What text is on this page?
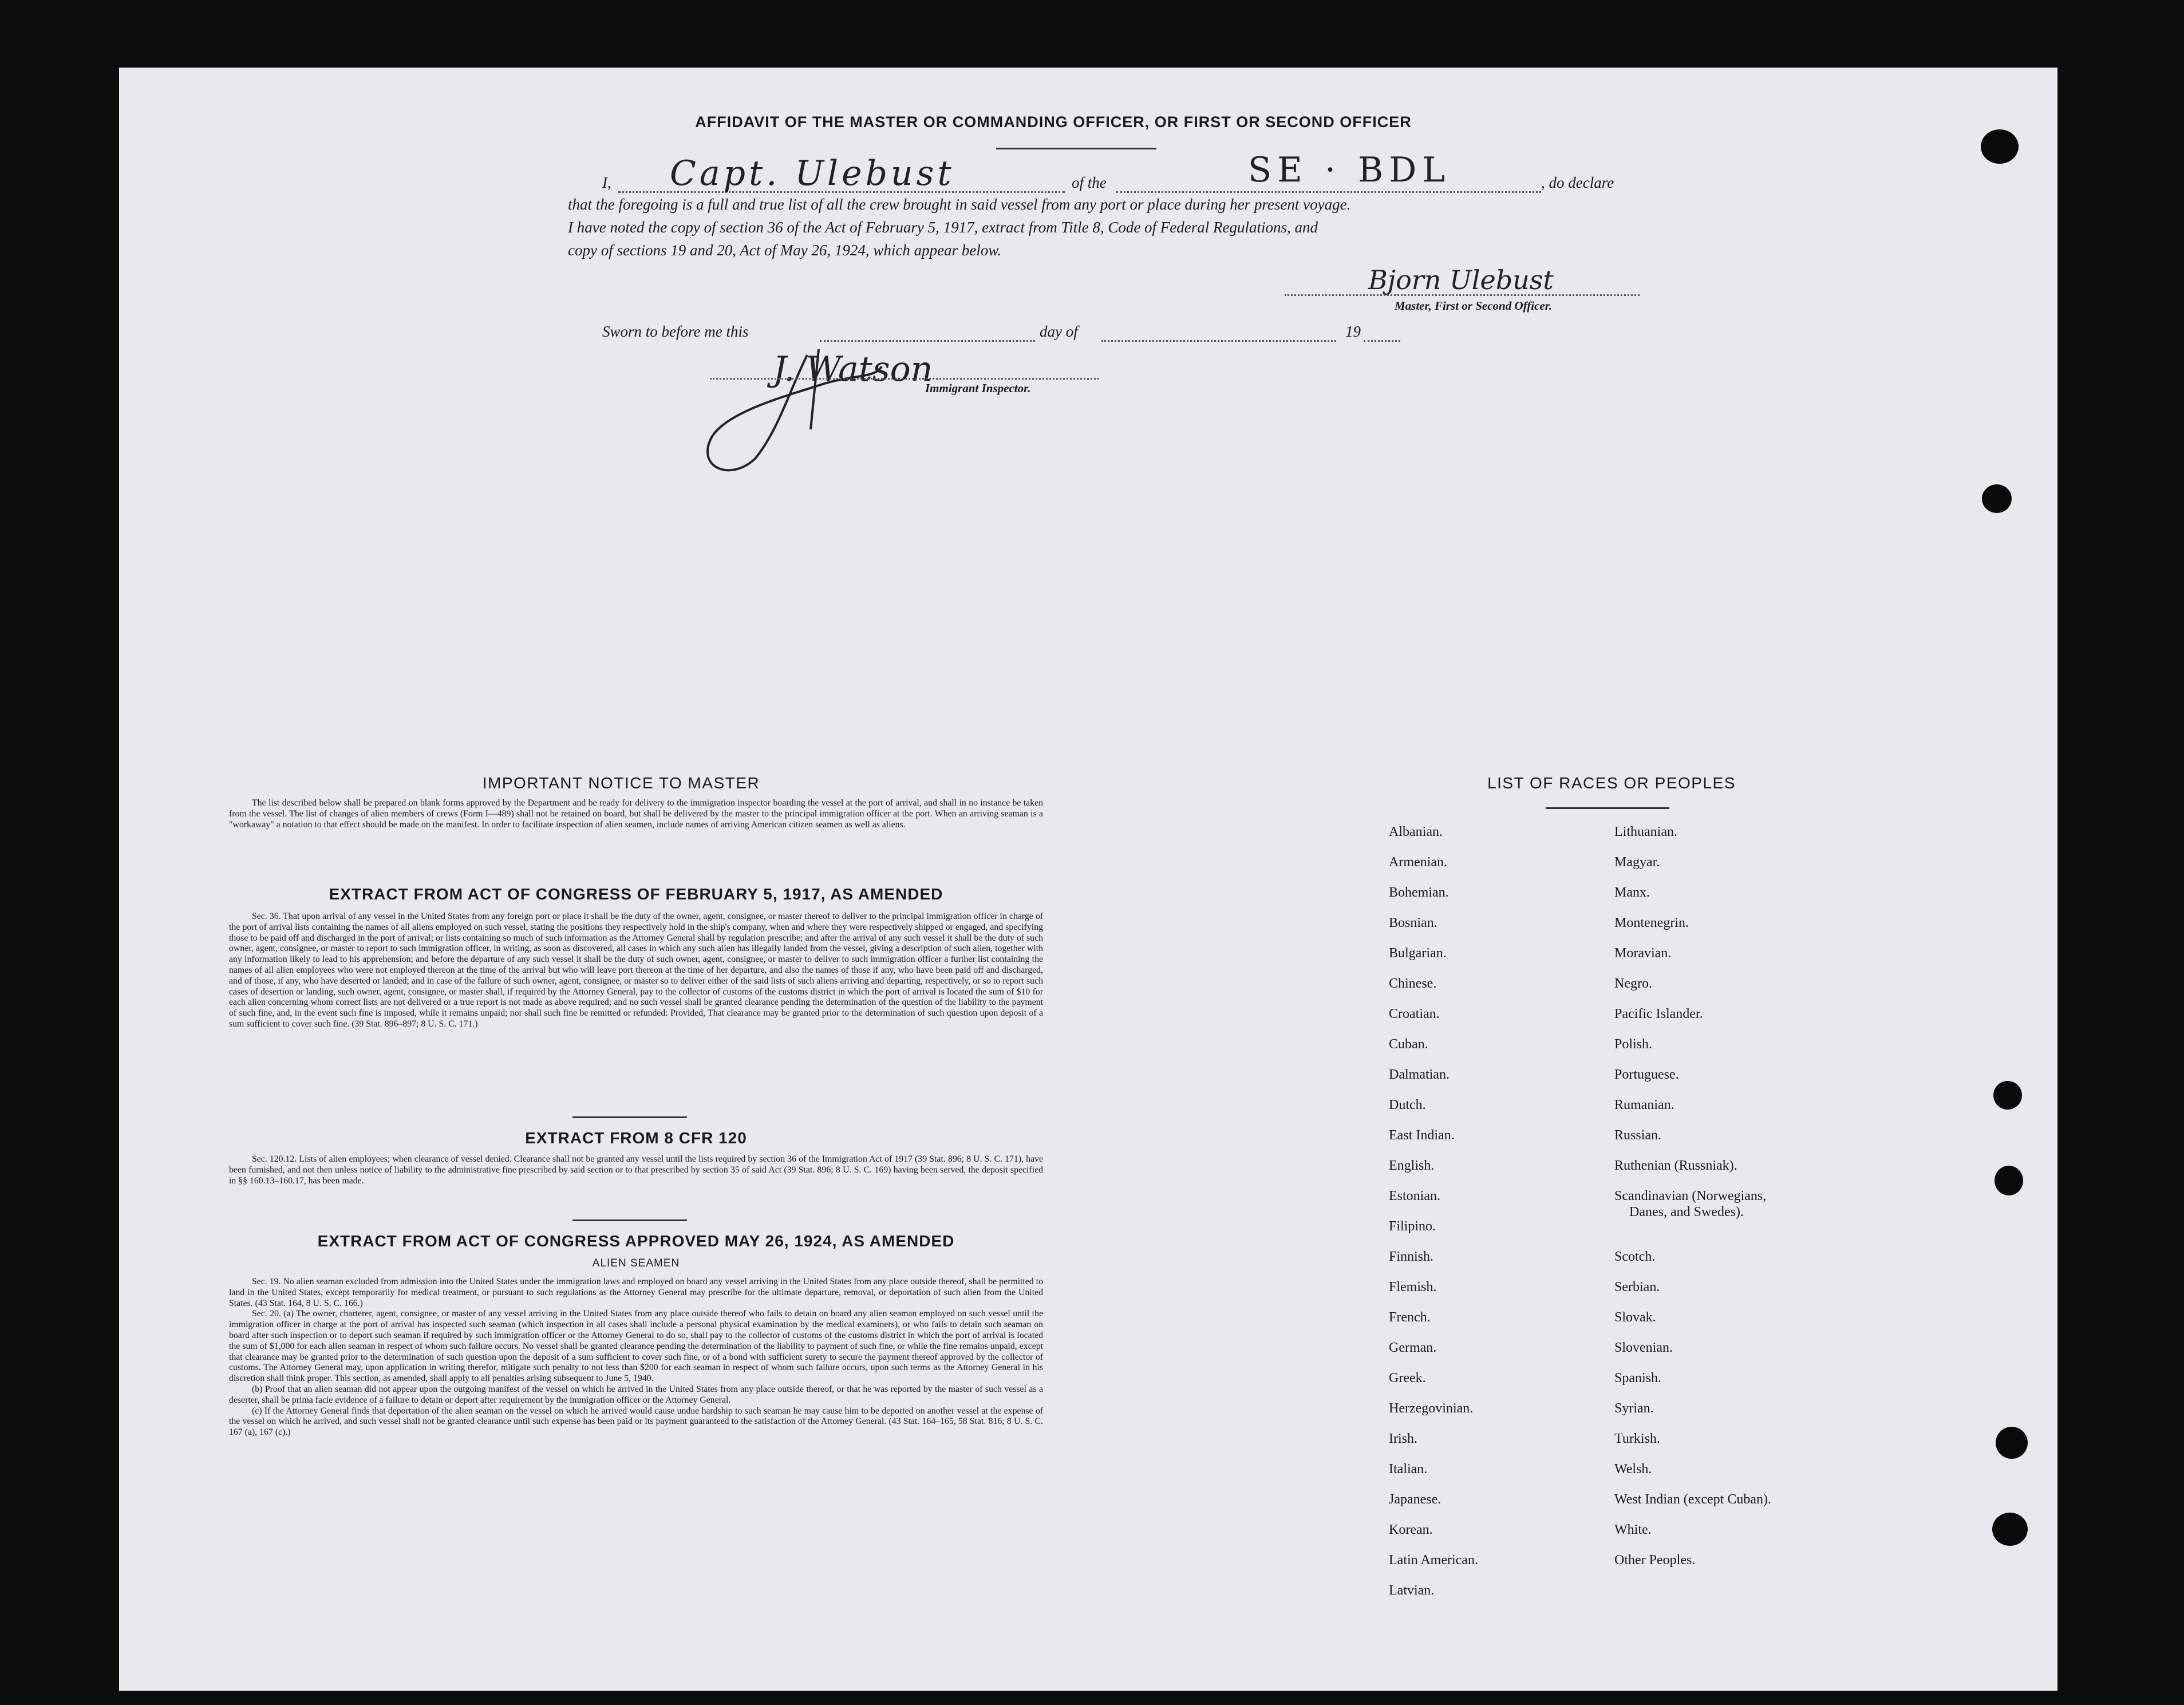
AFFIDAVIT OF THE MASTER OR COMMANDING OFFICER, OR FIRST OR SECOND OFFICER
I, Capt. Ulebust	of the	SE · BDL	, do declare
that the foregoing is a full and true list of all the crew brought in said vessel from any port or place during her present voyage.
I have noted the copy of section 36 of the Act of February 5, 1917, extract from Title 8, Code of Federal Regulations, and
copy of sections 19 and 20, Act of May 26, 1924, which appear below.
Bjorn Ulebust
Master, First or Second Officer.
Sworn to before me this	day of	19
J. Watson
Immigrant Inspector.
IMPORTANT NOTICE TO MASTER

The list described below shall be prepared on blank forms approved by the Department and be ready for delivery to the immigration inspector boarding the vessel at the port of arrival, and shall in no instance be taken from the vessel. The list of changes of alien members of crews (Form I—489) shall not be retained on board, but shall be delivered by the master to the principal immigration officer at the port. When an arriving seaman is a "workaway" a notation to that effect should be made on the manifest. In order to facilitate inspection of alien seamen, include names of arriving American citizen seamen as well as aliens.

EXTRACT FROM ACT OF CONGRESS OF FEBRUARY 5, 1917, AS AMENDED

Sec. 36. That upon arrival of any vessel in the United States from any foreign port or place it shall be the duty of the owner, agent, consignee, or master thereof to deliver to the principal immigration officer in charge of the port of arrival lists containing the names of all aliens employed on such vessel, stating the positions they respectively hold in the ship's company, when and where they were respectively shipped or engaged, and specifying those to be paid off and discharged in the port of arrival; or lists containing so much of such information as the Attorney General shall by regulation prescribe; and after the arrival of any such vessel it shall be the duty of such owner, agent, consignee, or master to report to such immigration officer, in writing, as soon as discovered, all cases in which any such alien has illegally landed from the vessel, giving a description of such alien, together with any information likely to lead to his apprehension; and before the departure of any such vessel it shall be the duty of such owner, agent, consignee, or master to deliver to such immigration officer a further list containing the names of all alien employees who were not employed thereon at the time of the arrival but who will leave port thereon at the time of her departure, and also the names of those if any, who have been paid off and discharged, and of those, if any, who have deserted or landed; and in case of the failure of such owner, agent, consignee, or master so to deliver either of the said lists of such aliens arriving and departing, respectively, or so to report such cases of desertion or landing, such owner, agent, consignee, or master shall, if required by the Attorney General, pay to the collector of customs of the customs district in which the port of arrival is located the sum of $10 for each alien concerning whom correct lists are not delivered or a true report is not made as above required; and no such vessel shall be granted clearance pending the determination of the question of the liability to the payment of such fine, and, in the event such fine is imposed, while it remains unpaid; nor shall such fine be remitted or refunded: Provided, That clearance may be granted prior to the determination of such question upon deposit of a sum sufficient to cover such fine. (39 Stat. 896–897; 8 U. S. C. 171.)

EXTRACT FROM 8 CFR 120

Sec. 120.12. Lists of alien employees; when clearance of vessel denied. Clearance shall not be granted any vessel until the lists required by section 36 of the Immigration Act of 1917 (39 Stat. 896; 8 U. S. C. 171), have been furnished, and not then unless notice of liability to the administrative fine prescribed by said section or to that prescribed by section 35 of said Act (39 Stat. 896; 8 U. S. C. 169) having been served, the deposit specified in §§ 160.13–160.17, has been made.

EXTRACT FROM ACT OF CONGRESS APPROVED MAY 26, 1924, AS AMENDED
ALIEN SEAMEN

Sec. 19. No alien seaman excluded from admission into the United States under the immigration laws and employed on board any vessel arriving in the United States from any place outside thereof, shall be permitted to land in the United States, except temporarily for medical treatment, or pursuant to such regulations as the Attorney General may prescribe for the ultimate departure, removal, or deportation of such alien from the United States. (43 Stat. 164, 8 U. S. C. 166.)

Sec. 20. (a) The owner, charterer, agent, consignee, or master of any vessel arriving in the United States from any place outside thereof who fails to detain on board any alien seaman employed on such vessel until the immigration officer in charge at the port of arrival has inspected such seaman (which inspection in all cases shall include a personal physical examination by the medical examiners), or who fails to detain such seaman on board after such inspection or to deport such seaman if required by such immigration officer or the Attorney General to do so, shall pay to the collector of customs of the customs district in which the port of arrival is located the sum of $1,000 for each alien seaman in respect of whom such failure occurs. No vessel shall be granted clearance pending the determination of the liability to payment of such fine, or while the fine remains unpaid, except that clearance may be granted prior to the determination of such question upon the deposit of a sum sufficient to cover such fine, or of a bond with sufficient surety to secure the payment thereof approved by the collector of customs. The Attorney General may, upon application in writing therefor, mitigate such penalty to not less than $200 for each seaman in respect of whom such failure occurs, upon such terms as the Attorney General in his discretion shall think proper. This section, as amended, shall apply to all penalties arising subsequent to June 5, 1940.

(b) Proof that an alien seaman did not appear upon the outgoing manifest of the vessel on which he arrived in the United States from any place outside thereof, or that he was reported by the master of such vessel as a deserter, shall be prima facie evidence of a failure to detain or deport after requirement by the immigration officer or the Attorney General.

(c) If the Attorney General finds that deportation of the alien seaman on the vessel on which he arrived would cause undue hardship to such seaman he may cause him to be deported on another vessel at the expense of the vessel on which he arrived, and such vessel shall not be granted clearance until such expense has been paid or its payment guaranteed to the satisfaction of the Attorney General. (43 Stat. 164–165, 58 Stat. 816; 8 U. S. C. 167 (a), 167 (c).)

LIST OF RACES OR PEOPLES
Albanian.
Armenian.
Bohemian.
Bosnian.
Bulgarian.
Chinese.
Croatian.
Cuban.
Dalmatian.
Dutch.
East Indian.
English.
Estonian.
Filipino.
Finnish.
Flemish.
French.
German.
Greek.
Herzegovinian.
Irish.
Italian.
Japanese.
Korean.
Latin American.
Latvian.
Lithuanian.
Magyar.
Manx.
Montenegrin.
Moravian.
Negro.
Pacific Islander.
Polish.
Portuguese.
Rumanian.
Russian.
Ruthenian (Russniak).
Scandinavian (Norwegians,
Danes, and Swedes).
Scotch.
Serbian.
Slovak.
Slovenian.
Spanish.
Syrian.
Turkish.
Welsh.
West Indian (except Cuban).
White.
Other Peoples.
